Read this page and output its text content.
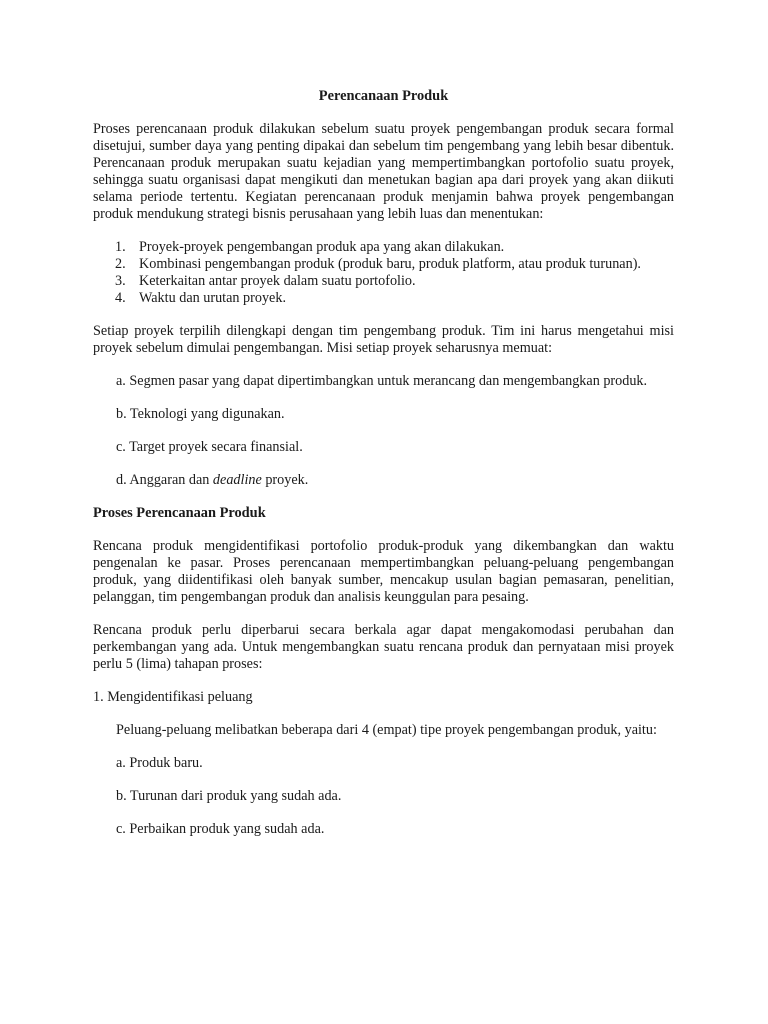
Perencanaan Produk

Proses perencanaan produk dilakukan sebelum suatu proyek pengembangan produk secara formal disetujui, sumber daya yang penting dipakai dan sebelum tim pengembang yang lebih besar dibentuk. Perencanaan produk merupakan suatu kejadian yang mempertimbangkan portofolio suatu proyek, sehingga suatu organisasi dapat mengikuti dan menetukan bagian apa dari proyek yang akan diikuti selama periode tertentu. Kegiatan perencanaan produk menjamin bahwa proyek pengembangan produk mendukung strategi bisnis perusahaan yang lebih luas dan menentukan:

1. Proyek-proyek pengembangan produk apa yang akan dilakukan.
2. Kombinasi pengembangan produk (produk baru, produk platform, atau produk turunan).
3. Keterkaitan antar proyek dalam suatu portofolio.
4. Waktu dan urutan proyek.

Setiap proyek terpilih dilengkapi dengan tim pengembang produk. Tim ini harus mengetahui misi proyek sebelum dimulai pengembangan. Misi setiap proyek seharusnya memuat:

a. Segmen pasar yang dapat dipertimbangkan untuk merancang dan mengembangkan produk.

b. Teknologi yang digunakan.

c. Target proyek secara finansial.

d. Anggaran dan deadline proyek.

Proses Perencanaan Produk

Rencana produk mengidentifikasi portofolio produk-produk yang dikembangkan dan waktu pengenalan ke pasar. Proses perencanaan mempertimbangkan peluang-peluang pengembangan produk, yang diidentifikasi oleh banyak sumber, mencakup usulan bagian pemasaran, penelitian, pelanggan, tim pengembangan produk dan analisis keunggulan para pesaing.

Rencana produk perlu diperbarui secara berkala agar dapat mengakomodasi perubahan dan perkembangan yang ada. Untuk mengembangkan suatu rencana produk dan pernyataan misi proyek perlu 5 (lima) tahapan proses:

1. Mengidentifikasi peluang

Peluang-peluang melibatkan beberapa dari 4 (empat) tipe proyek pengembangan produk, yaitu:

a. Produk baru.

b. Turunan dari produk yang sudah ada.

c. Perbaikan produk yang sudah ada.
